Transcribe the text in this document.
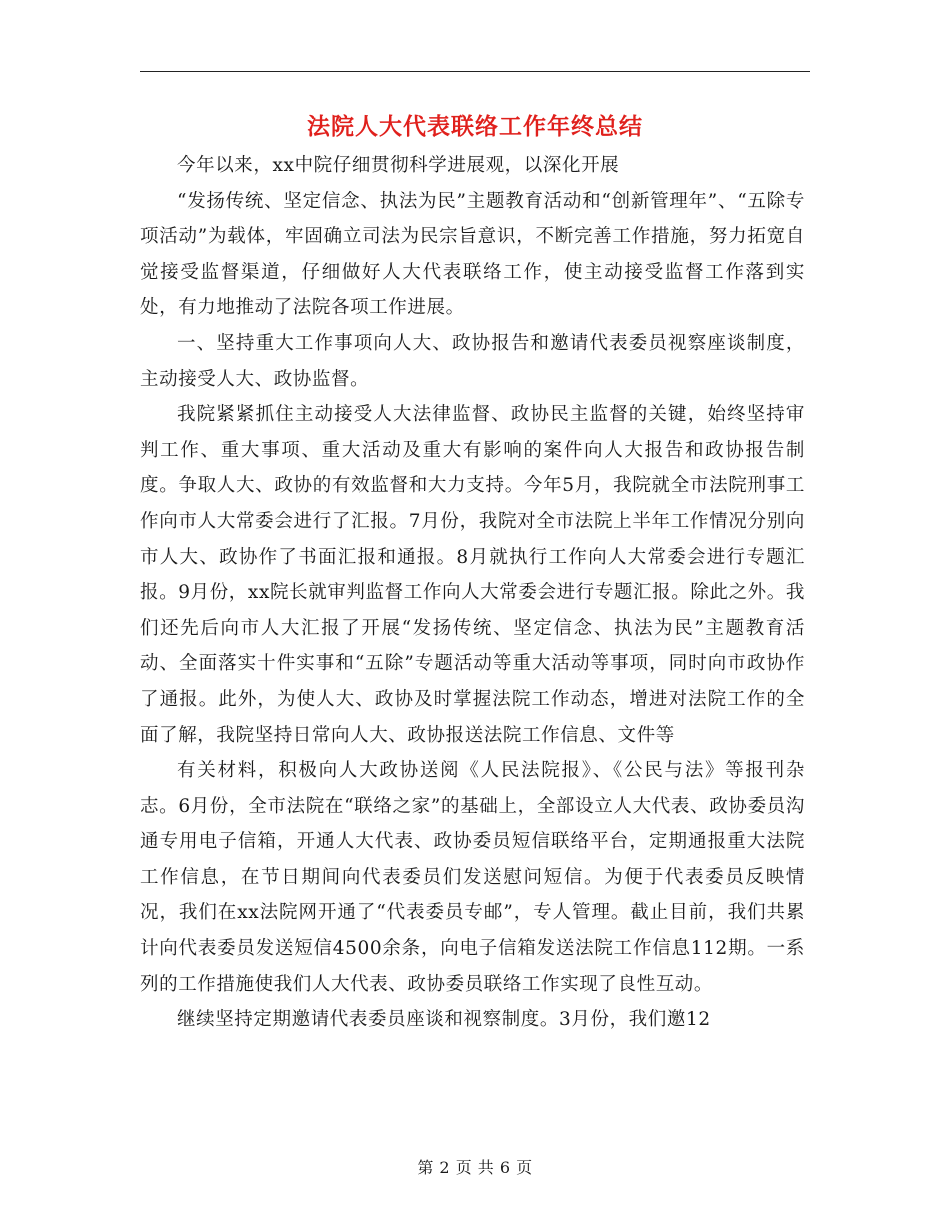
法院人大代表联络工作年终总结

今年以来，xx中院仔细贯彻科学进展观，以深化开展

“发扬传统、坚定信念、执法为民”主题教育活动和“创新管理年”、“五除专项活动”为载体，牢固确立司法为民宗旨意识，不断完善工作措施，努力拓宽自觉接受监督渠道，仔细做好人大代表联络工作，使主动接受监督工作落到实处，有力地推动了法院各项工作进展。

一、坚持重大工作事项向人大、政协报告和邀请代表委员视察座谈制度，主动接受人大、政协监督。

我院紧紧抓住主动接受人大法律监督、政协民主监督的关键，始终坚持审判工作、重大事项、重大活动及重大有影响的案件向人大报告和政协报告制度。争取人大、政协的有效监督和大力支持。今年5月，我院就全市法院刑事工作向市人大常委会进行了汇报。7月份，我院对全市法院上半年工作情况分别向市人大、政协作了书面汇报和通报。8月就执行工作向人大常委会进行专题汇报。9月份，xx院长就审判监督工作向人大常委会进行专题汇报。除此之外。我们还先后向市人大汇报了开展“发扬传统、坚定信念、执法为民”主题教育活动、全面落实十件实事和“五除”专题活动等重大活动等事项，同时向市政协作了通报。此外，为使人大、政协及时掌握法院工作动态，增进对法院工作的全面了解，我院坚持日常向人大、政协报送法院工作信息、文件等

有关材料，积极向人大政协送阅《人民法院报》、《公民与法》等报刊杂志。6月份，全市法院在“联络之家”的基础上，全部设立人大代表、政协委员沟通专用电子信箱，开通人大代表、政协委员短信联络平台，定期通报重大法院工作信息，在节日期间向代表委员们发送慰问短信。为便于代表委员反映情况，我们在xx法院网开通了“代表委员专邮”，专人管理。截止目前，我们共累计向代表委员发送短信4500余条，向电子信箱发送法院工作信息112期。一系列的工作措施使我们人大代表、政协委员联络工作实现了良性互动。

继续坚持定期邀请代表委员座谈和视察制度。3月份，我们邀12

第 2 页 共 6 页
